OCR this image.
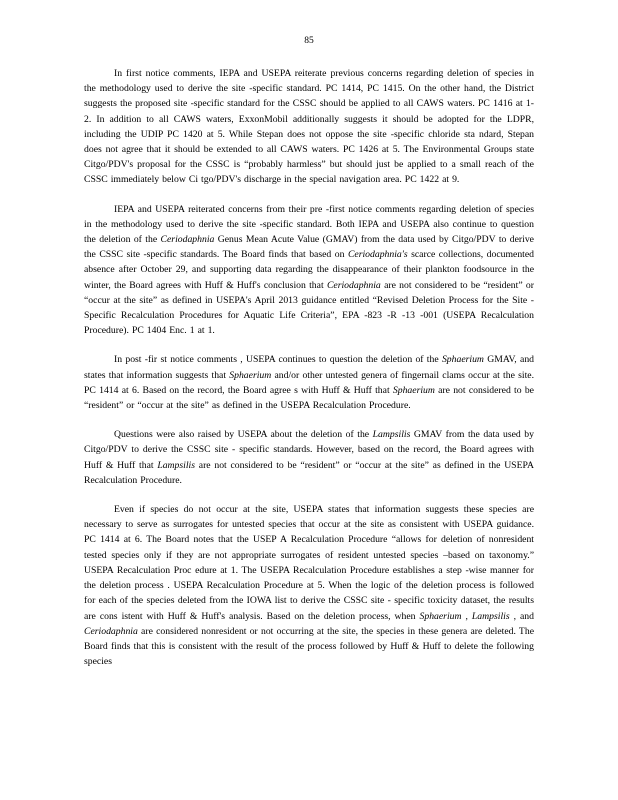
85

In first notice comments, IEPA and USEPA reiterate previous concerns regarding deletion of species in the methodology used to derive the site -specific standard. PC 1414, PC 1415. On the other hand, the District suggests the proposed site -specific standard for the CSSC should be applied to all CAWS waters. PC 1416 at 1-2. In addition to all CAWS waters, ExxonMobil additionally suggests it should be adopted for the LDPR, including the UDIP PC 1420 at 5. While Stepan does not oppose the site -specific chloride sta ndard, Stepan does not agree that it should be extended to all CAWS waters. PC 1426 at 5. The Environmental Groups state Citgo/PDV's proposal for the CSSC is “probably harmless” but should just be applied to a small reach of the CSSC immediately below Ci tgo/PDV's discharge in the special navigation area. PC 1422 at 9.

IEPA and USEPA reiterated concerns from their pre -first notice comments regarding deletion of species in the methodology used to derive the site -specific standard. Both IEPA and USEPA also continue to question the deletion of the Ceriodaphnia Genus Mean Acute Value (GMAV) from the data used by Citgo/PDV to derive the CSSC site -specific standards. The Board finds that based on Ceriodaphnia's scarce collections, documented absence after October 29, and supporting data regarding the disappearance of their plankton foodsource in the winter, the Board agrees with Huff & Huff's conclusion that Ceriodaphnia are not considered to be “resident” or “occur at the site” as defined in USEPA's April 2013 guidance entitled “Revised Deletion Process for the Site -Specific Recalculation Procedures for Aquatic Life Criteria”, EPA -823 -R -13 -001 (USEPA Recalculation Procedure). PC 1404 Enc. 1 at 1.

In post -fir st notice comments , USEPA continues to question the deletion of the Sphaerium GMAV, and states that information suggests that Sphaerium and/or other untested genera of fingernail clams occur at the site. PC 1414 at 6. Based on the record, the Board agree s with Huff & Huff that Sphaerium are not considered to be “resident” or “occur at the site” as defined in the USEPA Recalculation Procedure.

Questions were also raised by USEPA about the deletion of the Lampsilis GMAV from the data used by Citgo/PDV to derive the CSSC site - specific standards. However, based on the record, the Board agrees with Huff & Huff that Lampsilis are not considered to be “resident” or “occur at the site” as defined in the USEPA Recalculation Procedure.

Even if species do not occur at the site, USEPA states that information suggests these species are necessary to serve as surrogates for untested species that occur at the site as consistent with USEPA guidance. PC 1414 at 6. The Board notes that the USEP A Recalculation Procedure “allows for deletion of nonresident tested species only if they are not appropriate surrogates of resident untested species –based on taxonomy.” USEPA Recalculation Proc edure at 1. The USEPA Recalculation Procedure establishes a step -wise manner for the deletion process . USEPA Recalculation Procedure at 5. When the logic of the deletion process is followed for each of the species deleted from the IOWA list to derive the CSSC site - specific toxicity dataset, the results are cons istent with Huff & Huff's analysis. Based on the deletion process, when Sphaerium , Lampsilis , and Ceriodaphnia are considered nonresident or not occurring at the site, the species in these genera are deleted. The Board finds that this is consistent with the result of the process followed by Huff & Huff to delete the following species
